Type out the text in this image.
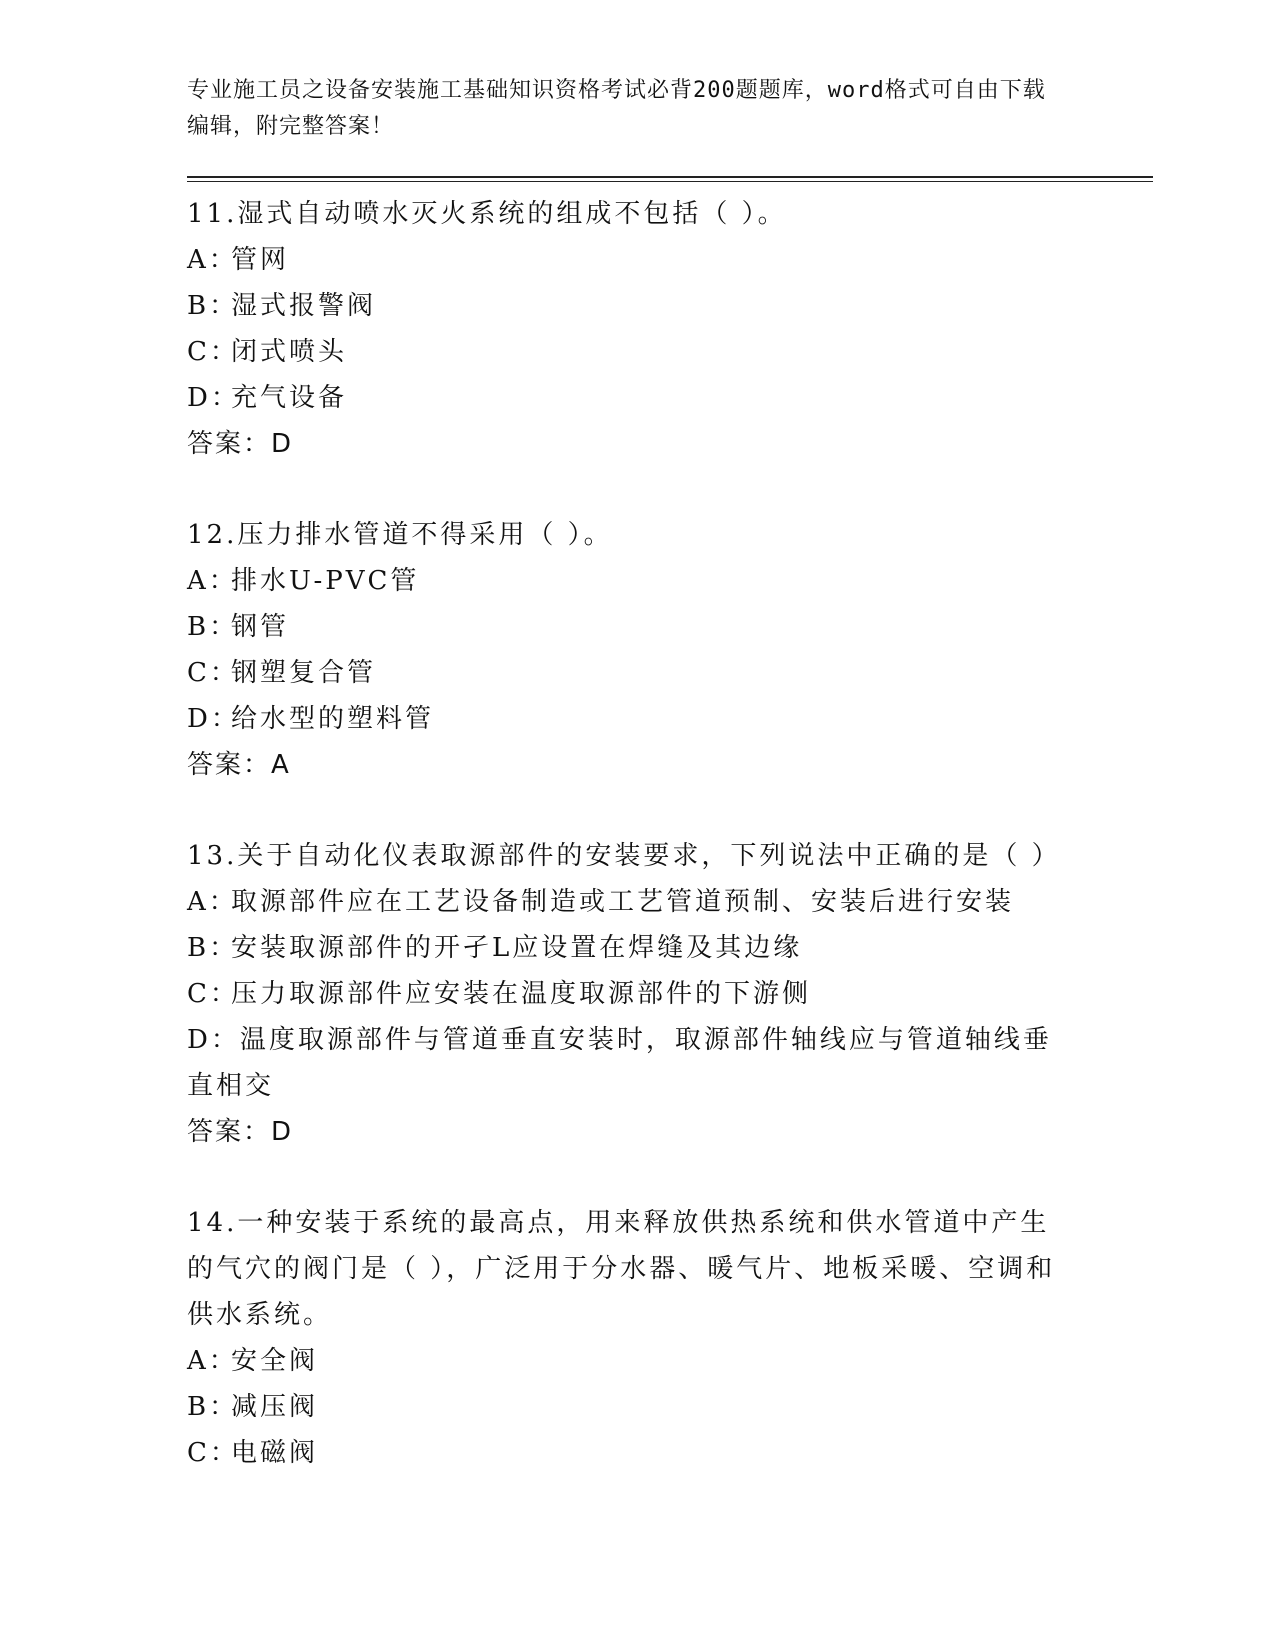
专业施工员之设备安装施工基础知识资格考试必背200题题库，word格式可自由下载编辑，附完整答案！
11.湿式自动喷水灭火系统的组成不包括（ ）。
A：管网
B：湿式报警阀
C：闭式喷头
D：充气设备
答案：D
12.压力排水管道不得采用（ ）。
A：排水U-PVC管
B：钢管
C：钢塑复合管
D：给水型的塑料管
答案：A
13.关于自动化仪表取源部件的安装要求，下列说法中正确的是（ ）
A：取源部件应在工艺设备制造或工艺管道预制、安装后进行安装
B：安装取源部件的开孑L应设置在焊缝及其边缘
C：压力取源部件应安装在温度取源部件的下游侧
D：温度取源部件与管道垂直安装时，取源部件轴线应与管道轴线垂直相交
答案：D
14.一种安装于系统的最高点，用来释放供热系统和供水管道中产生的气穴的阀门是（ ），广泛用于分水器、暖气片、地板采暖、空调和供水系统。
A：安全阀
B：减压阀
C：电磁阀
